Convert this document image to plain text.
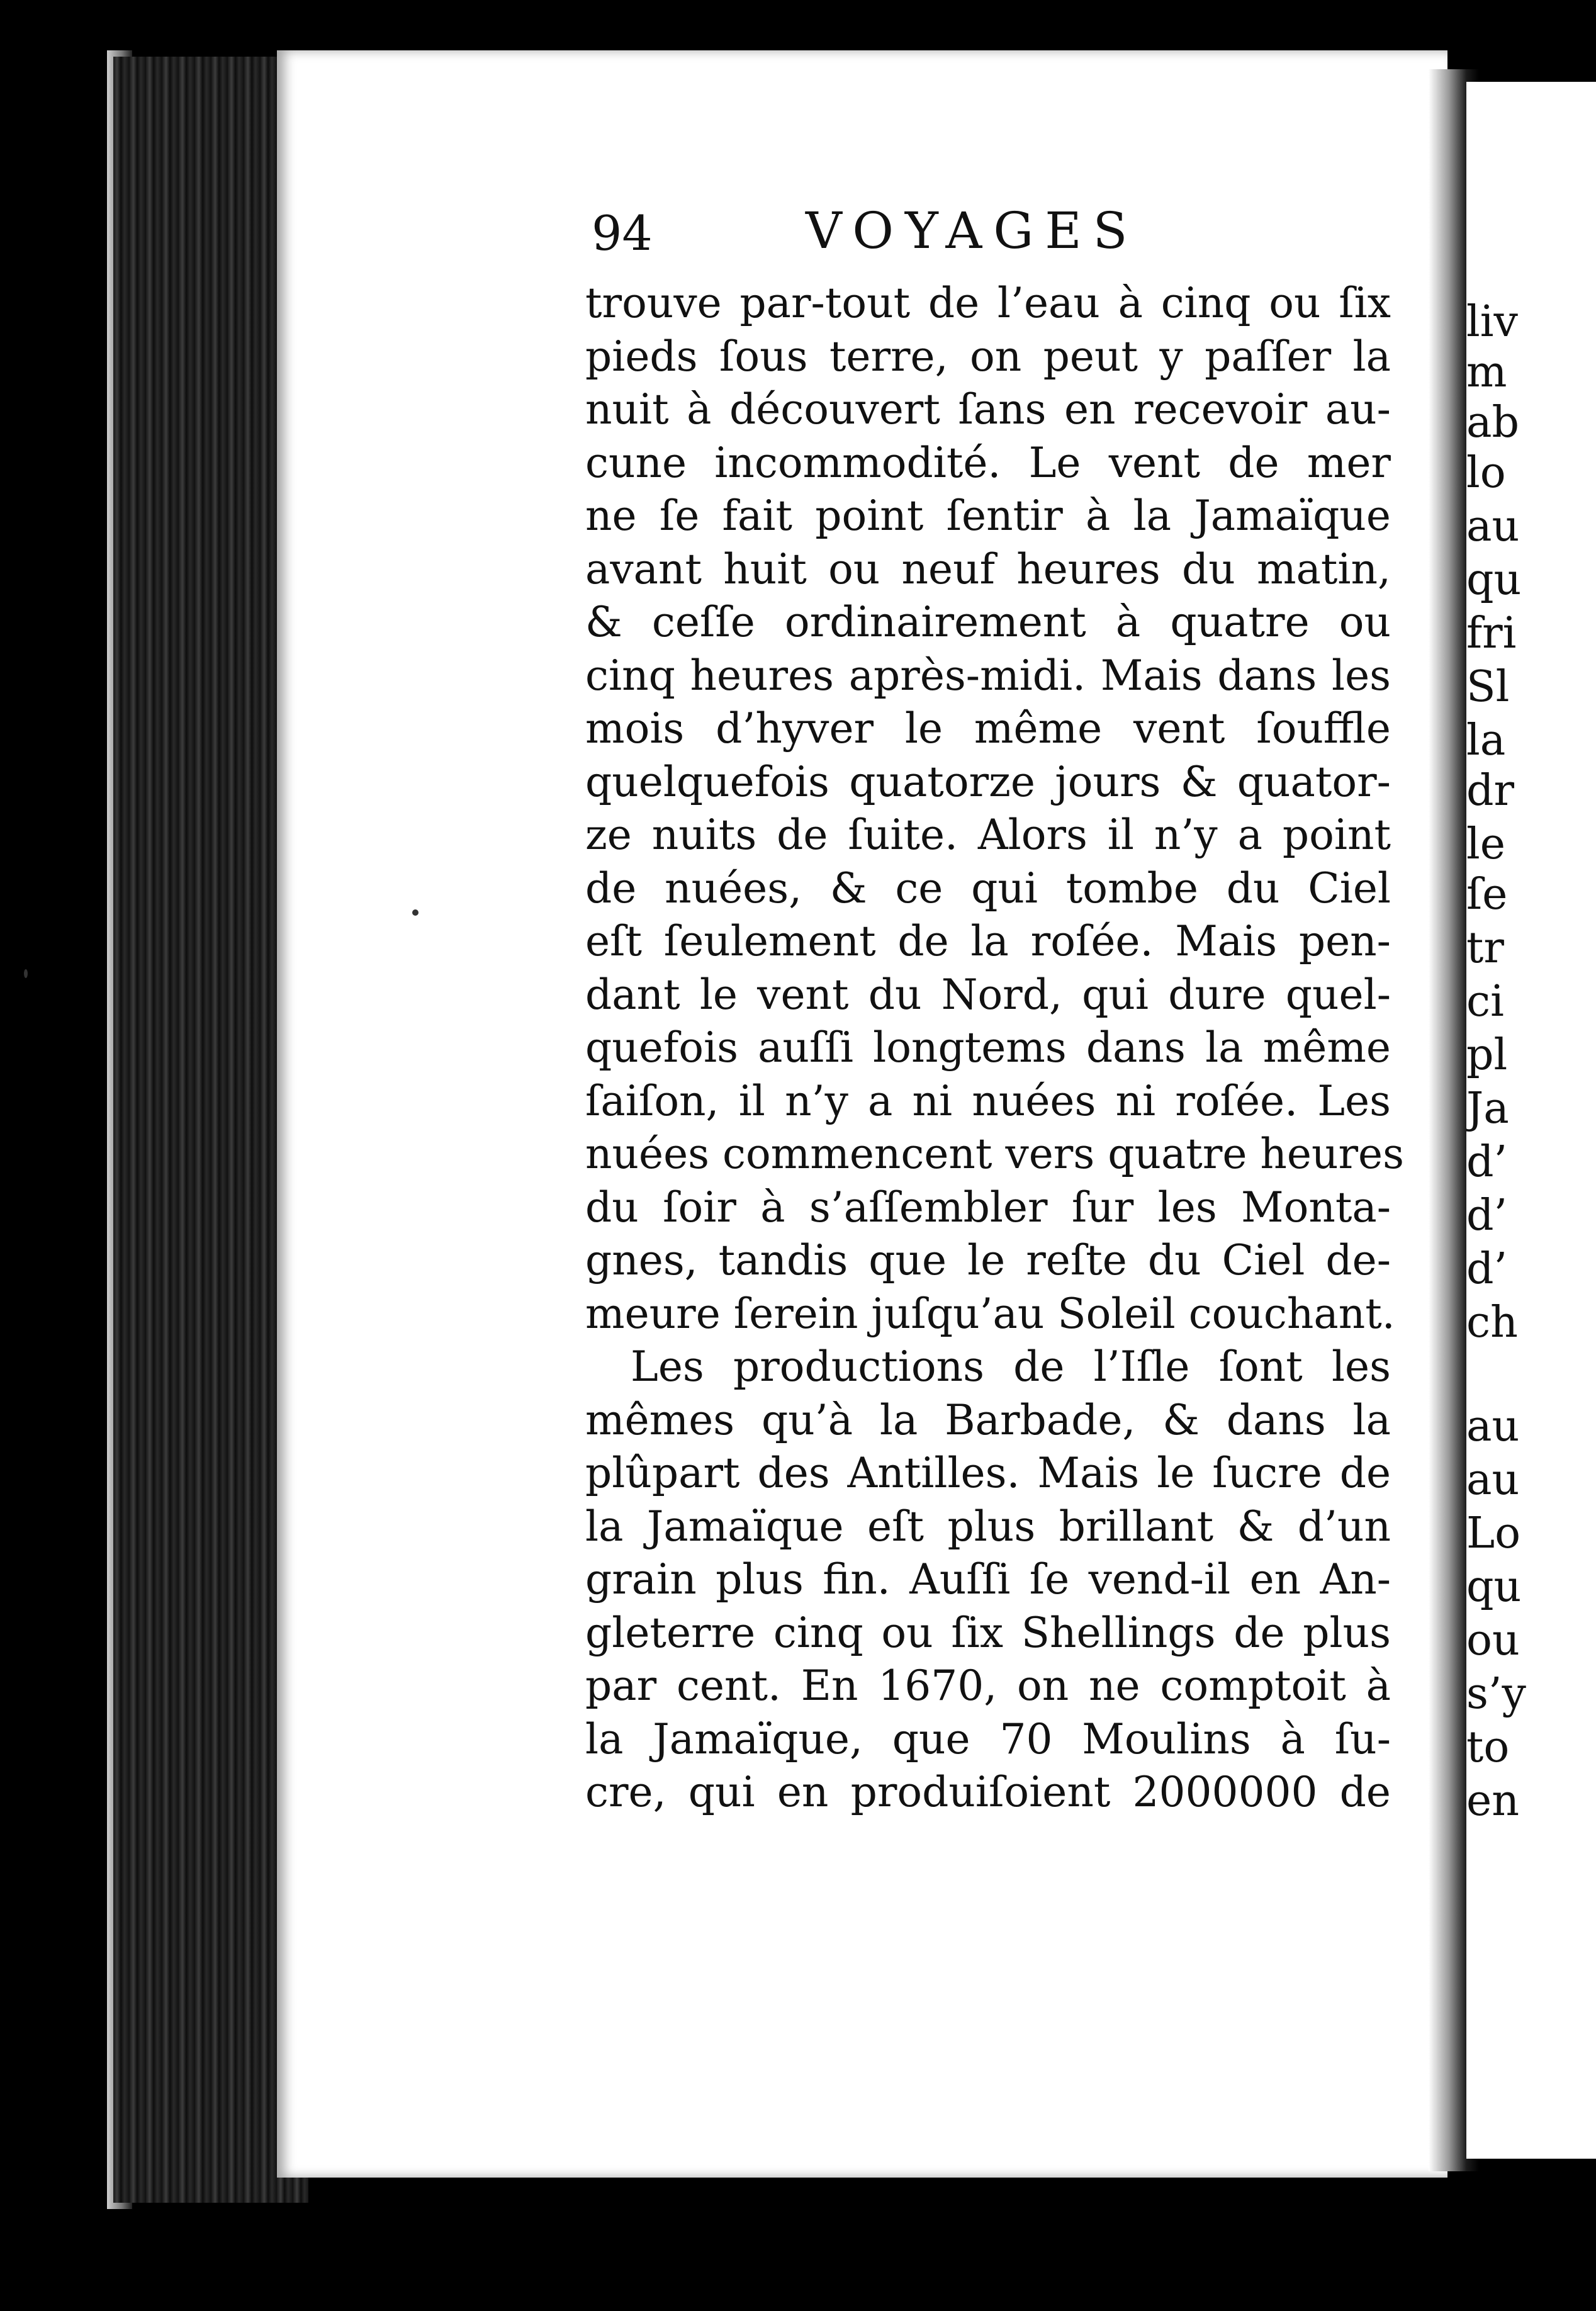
liv
m
ab
lo
au
qu
fri
Sl
la
dr
le
ſe
tr
ci
pl
Ja
d’
d’
d’
ch
au
au
Lo
qu
ou
s’y
to
en
94	VOYAGES
trouve par-tout de l’eau à cinq ou ſix
pieds ſous terre, on peut y paſſer la
nuit à découvert ſans en recevoir au-
cune incommodité. Le vent de mer
ne ſe fait point ſentir à la Jamaïque
avant huit ou neuf heures du matin,
& ceſſe ordinairement à quatre ou
cinq heures après-midi. Mais dans les
mois d’hyver le même vent ſouffle
quelquefois quatorze jours & quator-
ze nuits de ſuite. Alors il n’y a point
de nuées, & ce qui tombe du Ciel
eſt ſeulement de la roſée. Mais pen-
dant le vent du Nord, qui dure quel-
quefois auſſi longtems dans la même
ſaiſon, il n’y a ni nuées ni roſée. Les
nuées commencent vers quatre heures
du ſoir à s’aſſembler ſur les Monta-
gnes, tandis que le reſte du Ciel de-
meure ſerein juſqu’au Soleil couchant.
Les productions de l’Iſle ſont les
mêmes qu’à la Barbade, & dans la
plûpart des Antilles. Mais le ſucre de
la Jamaïque eſt plus brillant & d’un
grain plus fin. Auſſi ſe vend-il en An-
gleterre cinq ou ſix Shellings de plus
par cent. En 1670, on ne comptoit à
la Jamaïque, que 70 Moulins à ſu-
cre, qui en produiſoient 2000000 de
